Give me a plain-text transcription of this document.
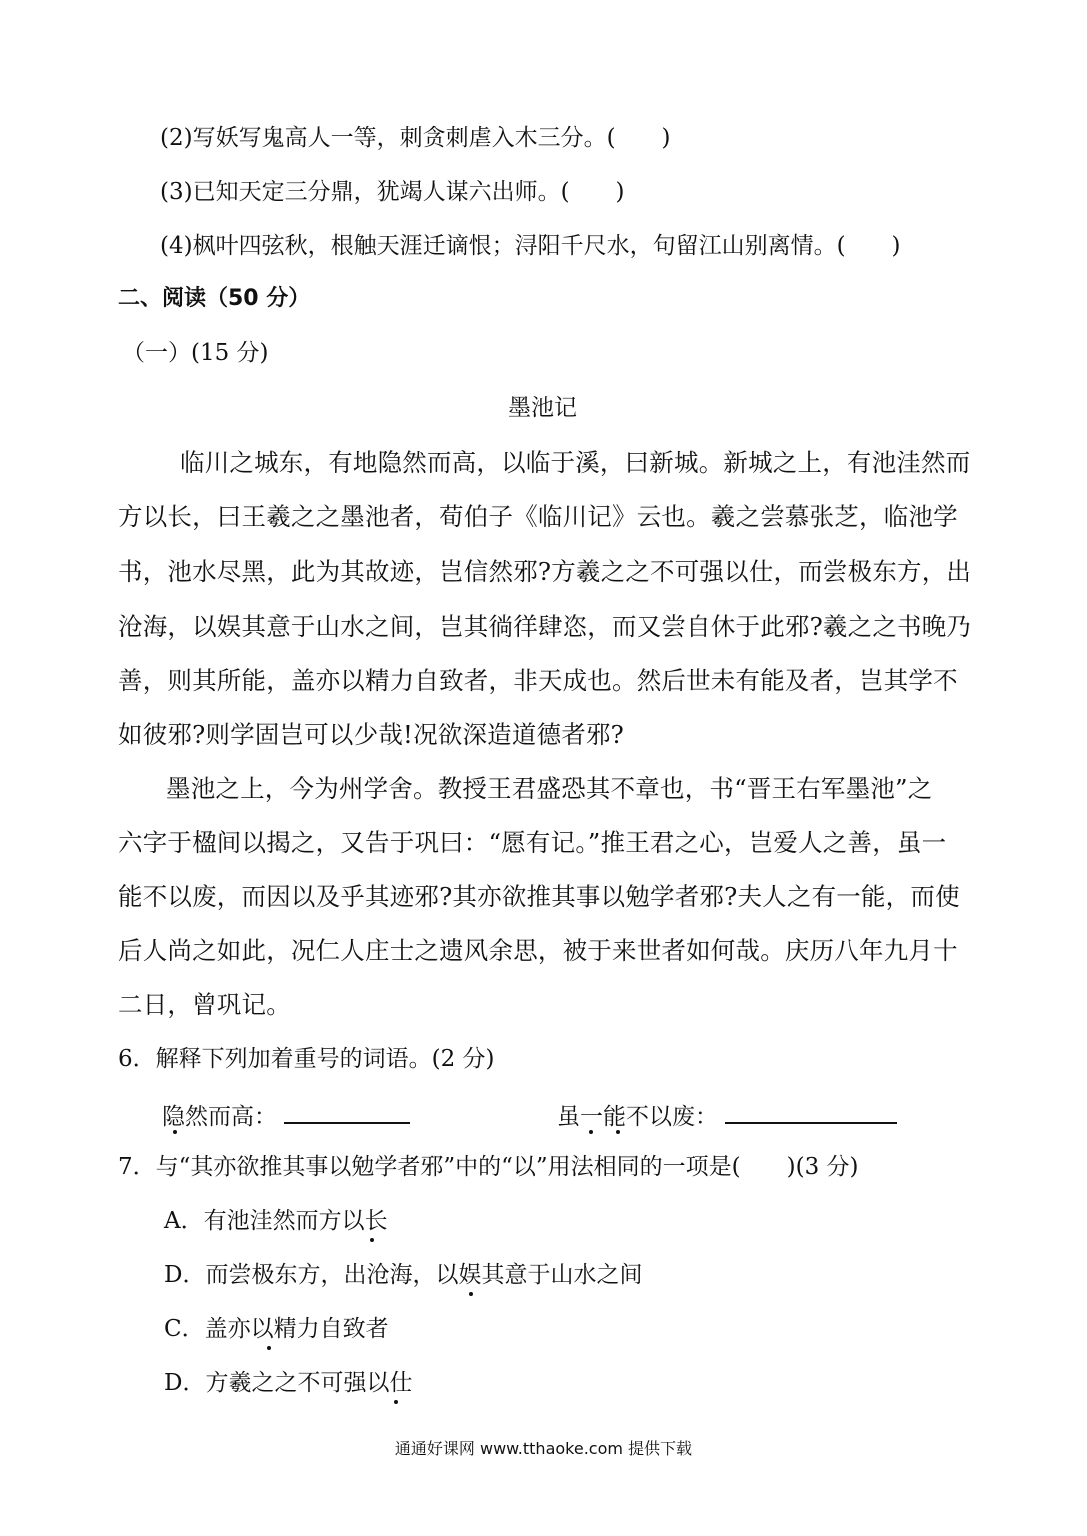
(2)写妖写鬼高人一等，刺贪刺虐入木三分。(　　)
(3)已知天定三分鼎，犹竭人谋六出师。(　　)
(4)枫叶四弦秋，根触天涯迁谪恨；浔阳千尺水，句留江山别离情。(　　)
二、阅读（50 分）
（一）(15 分)
墨池记
临川之城东，有地隐然而高，以临于溪，曰新城。新城之上，有池洼然而
方以长，曰王羲之之墨池者，荀伯子《临川记》云也。羲之尝慕张芝，临池学
书，池水尽黑，此为其故迹，岂信然邪?方羲之之不可强以仕，而尝极东方，出
沧海，以娱其意于山水之间，岂其徜徉肆恣，而又尝自休于此邪?羲之之书晚乃
善，则其所能，盖亦以精力自致者，非天成也。然后世未有能及者，岂其学不
如彼邪?则学固岂可以少哉!况欲深造道德者邪?
墨池之上，今为州学舍。教授王君盛恐其不章也，书“晋王右军墨池”之
六字于楹间以揭之，又告于巩曰：“愿有记。”推王君之心，岂爱人之善，虽一
能不以废，而因以及乎其迹邪?其亦欲推其事以勉学者邪?夫人之有一能，而使
后人尚之如此，况仁人庄士之遗风余思，被于来世者如何哉。庆历八年九月十
二日，曾巩记。
6．解释下列加着重号的词语。(2 分)
隐然而高：	虽一能不以废：
7．与“其亦欲推其事以勉学者邪”中的“以”用法相同的一项是(　　)(3 分)
A．有池洼然而方以长
D．而尝极东方，出沧海，以娱其意于山水之间
C．盖亦以精力自致者
D．方羲之之不可强以仕
通通好课网 www.tthaoke.com 提供下载
